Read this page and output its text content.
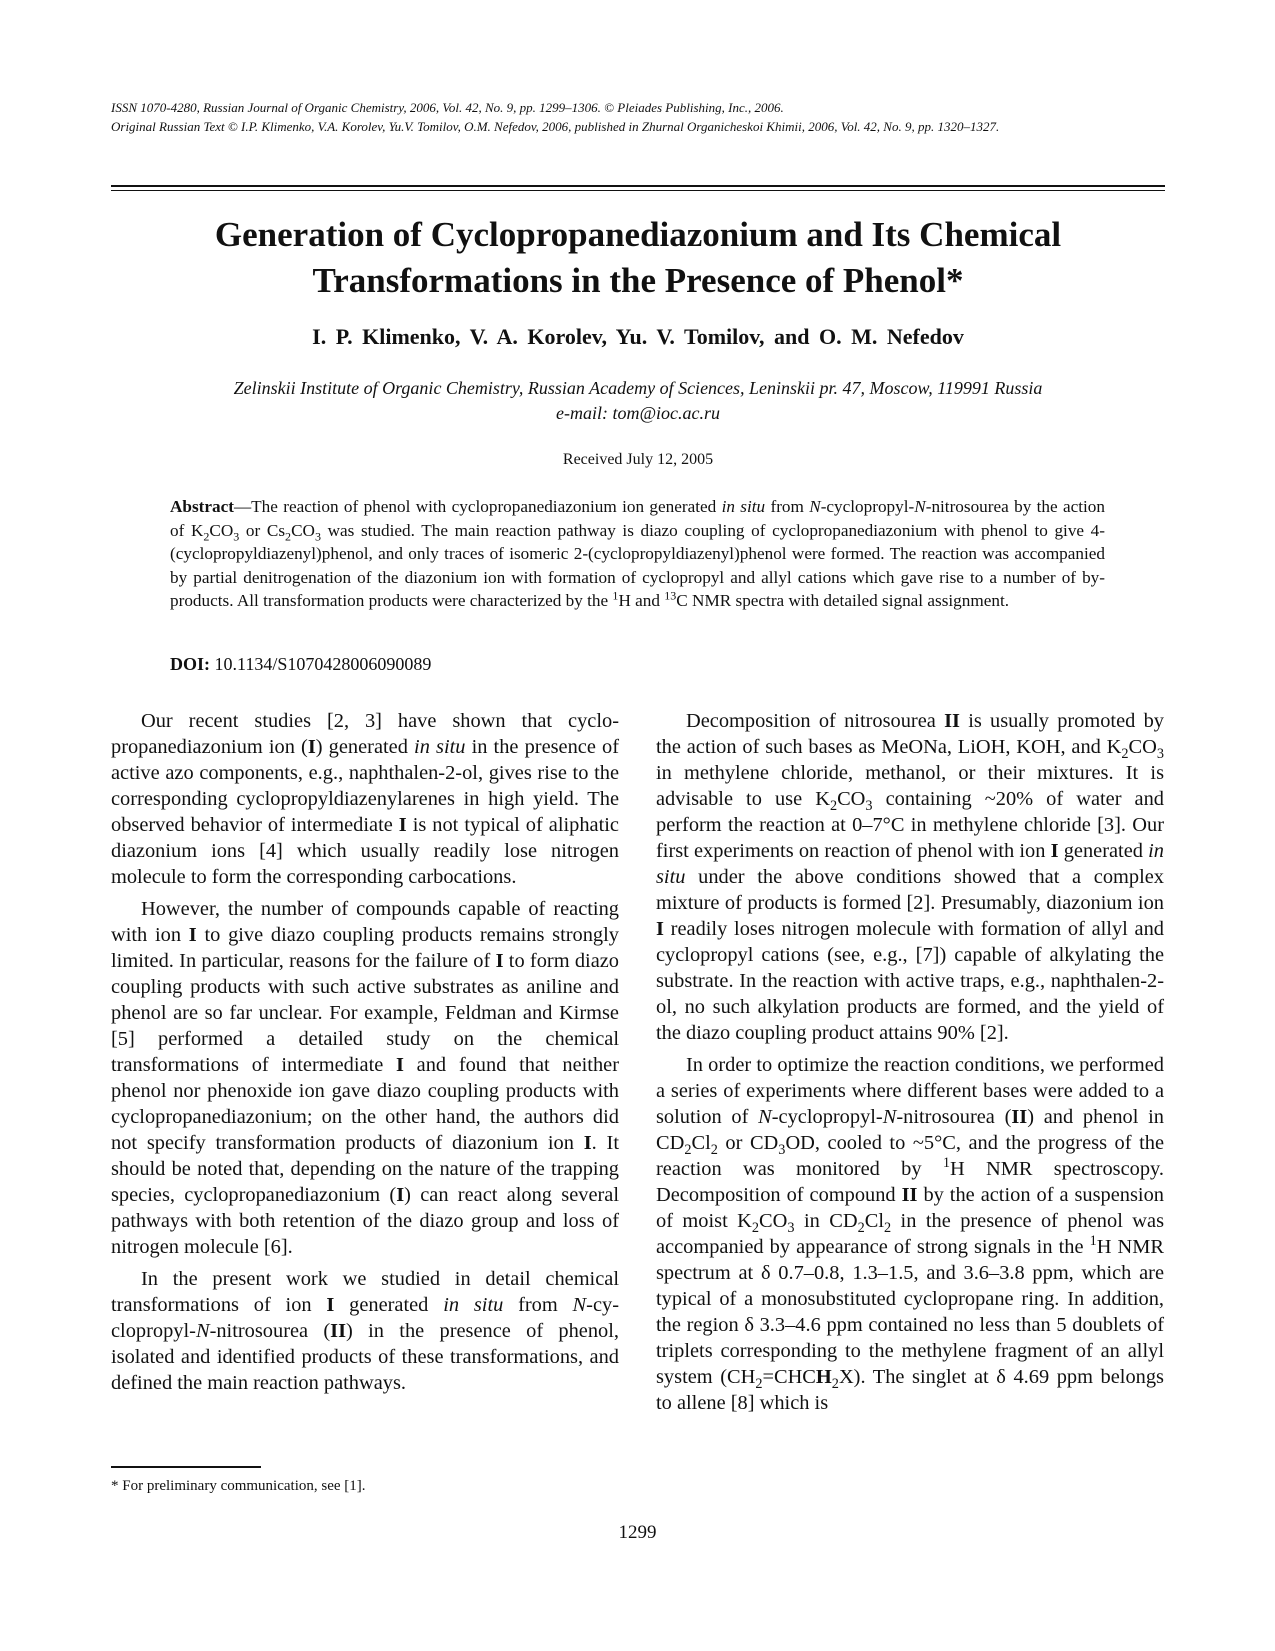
ISSN 1070-4280, Russian Journal of Organic Chemistry, 2006, Vol. 42, No. 9, pp. 1299–1306. © Pleiades Publishing, Inc., 2006.
Original Russian Text © I.P. Klimenko, V.A. Korolev, Yu.V. Tomilov, O.M. Nefedov, 2006, published in Zhurnal Organicheskoi Khimii, 2006, Vol. 42, No. 9, pp. 1320–1327.
Generation of Cyclopropanediazonium and Its Chemical
Transformations in the Presence of Phenol*
I. P. Klimenko, V. A. Korolev, Yu. V. Tomilov, and O. M. Nefedov
Zelinskii Institute of Organic Chemistry, Russian Academy of Sciences, Leninskii pr. 47, Moscow, 119991 Russia
e-mail: tom@ioc.ac.ru
Received July 12, 2005
Abstract—The reaction of phenol with cyclopropanediazonium ion generated in situ from N-cyclopropyl-N-nitrosourea by the action of $K_2CO_3$ or $Cs_2CO_3$ was studied. The main reaction pathway is diazo coupling of cyclopropanediazonium with phenol to give 4-(cyclopropyldiazenyl)phenol, and only traces of isomeric 2-(cyclopropyldiazenyl)phenol were formed. The reaction was accompanied by partial denitrogenation of the diazonium ion with formation of cyclopropyl and allyl cations which gave rise to a number of by-products. All transformation products were characterized by the $^1$H and $^{13}$C NMR spectra with detailed signal assignment.
DOI: 10.1134/S1070428006090089

Our recent studies [2, 3] have shown that cyclopropanediazonium ion (I) generated in situ in the presence of active azo components, e.g., naphthalen-2-ol, gives rise to the corresponding cyclopropyldiazenylarenes in high yield. The observed behavior of intermediate I is not typical of aliphatic diazonium ions [4] which usually readily lose nitrogen molecule to form the corresponding carbocations.

However, the number of compounds capable of reacting with ion I to give diazo coupling products remains strongly limited. In particular, reasons for the failure of I to form diazo coupling products with such active substrates as aniline and phenol are so far unclear. For example, Feldman and Kirmse [5] performed a detailed study on the chemical transformations of intermediate I and found that neither phenol nor phenoxide ion gave diazo coupling products with cyclopropanediazonium; on the other hand, the authors did not specify transformation products of diazonium ion I. It should be noted that, depending on the nature of the trapping species, cyclopropanediazonium (I) can react along several pathways with both retention of the diazo group and loss of nitrogen molecule [6].

In the present work we studied in detail chemical transformations of ion I generated in situ from N-cyclopropyl-N-nitrosourea (II) in the presence of phenol, isolated and identified products of these transformations, and defined the main reaction pathways.

Decomposition of nitrosourea II is usually promoted by the action of such bases as MeONa, LiOH, KOH, and $K_2CO_3$ in methylene chloride, methanol, or their mixtures. It is advisable to use $K_2CO_3$ containing ~20% of water and perform the reaction at 0–7°C in methylene chloride [3]. Our first experiments on reaction of phenol with ion I generated in situ under the above conditions showed that a complex mixture of products is formed [2]. Presumably, diazonium ion I readily loses nitrogen molecule with formation of allyl and cyclopropyl cations (see, e.g., [7]) capable of alkylating the substrate. In the reaction with active traps, e.g., naphthalen-2-ol, no such alkylation products are formed, and the yield of the diazo coupling product attains 90% [2].

In order to optimize the reaction conditions, we performed a series of experiments where different bases were added to a solution of N-cyclopropyl-N-nitrosourea (II) and phenol in $CD_2Cl_2$ or $CD_3OD$, cooled to ~5°C, and the progress of the reaction was monitored by $^1$H NMR spectroscopy. Decomposition of compound II by the action of a suspension of moist $K_2CO_3$ in $CD_2Cl_2$ in the presence of phenol was accompanied by appearance of strong signals in the $^1$H NMR spectrum at δ 0.7–0.8, 1.3–1.5, and 3.6–3.8 ppm, which are typical of a monosubstituted cyclopropane ring. In addition, the region δ 3.3–4.6 ppm contained no less than 5 doublets of triplets corresponding to the methylene fragment of an allyl system $(CH_2=CHCH_2X)$. The singlet at δ 4.69 ppm belongs to allene [8] which is

* For preliminary communication, see [1].
1299
